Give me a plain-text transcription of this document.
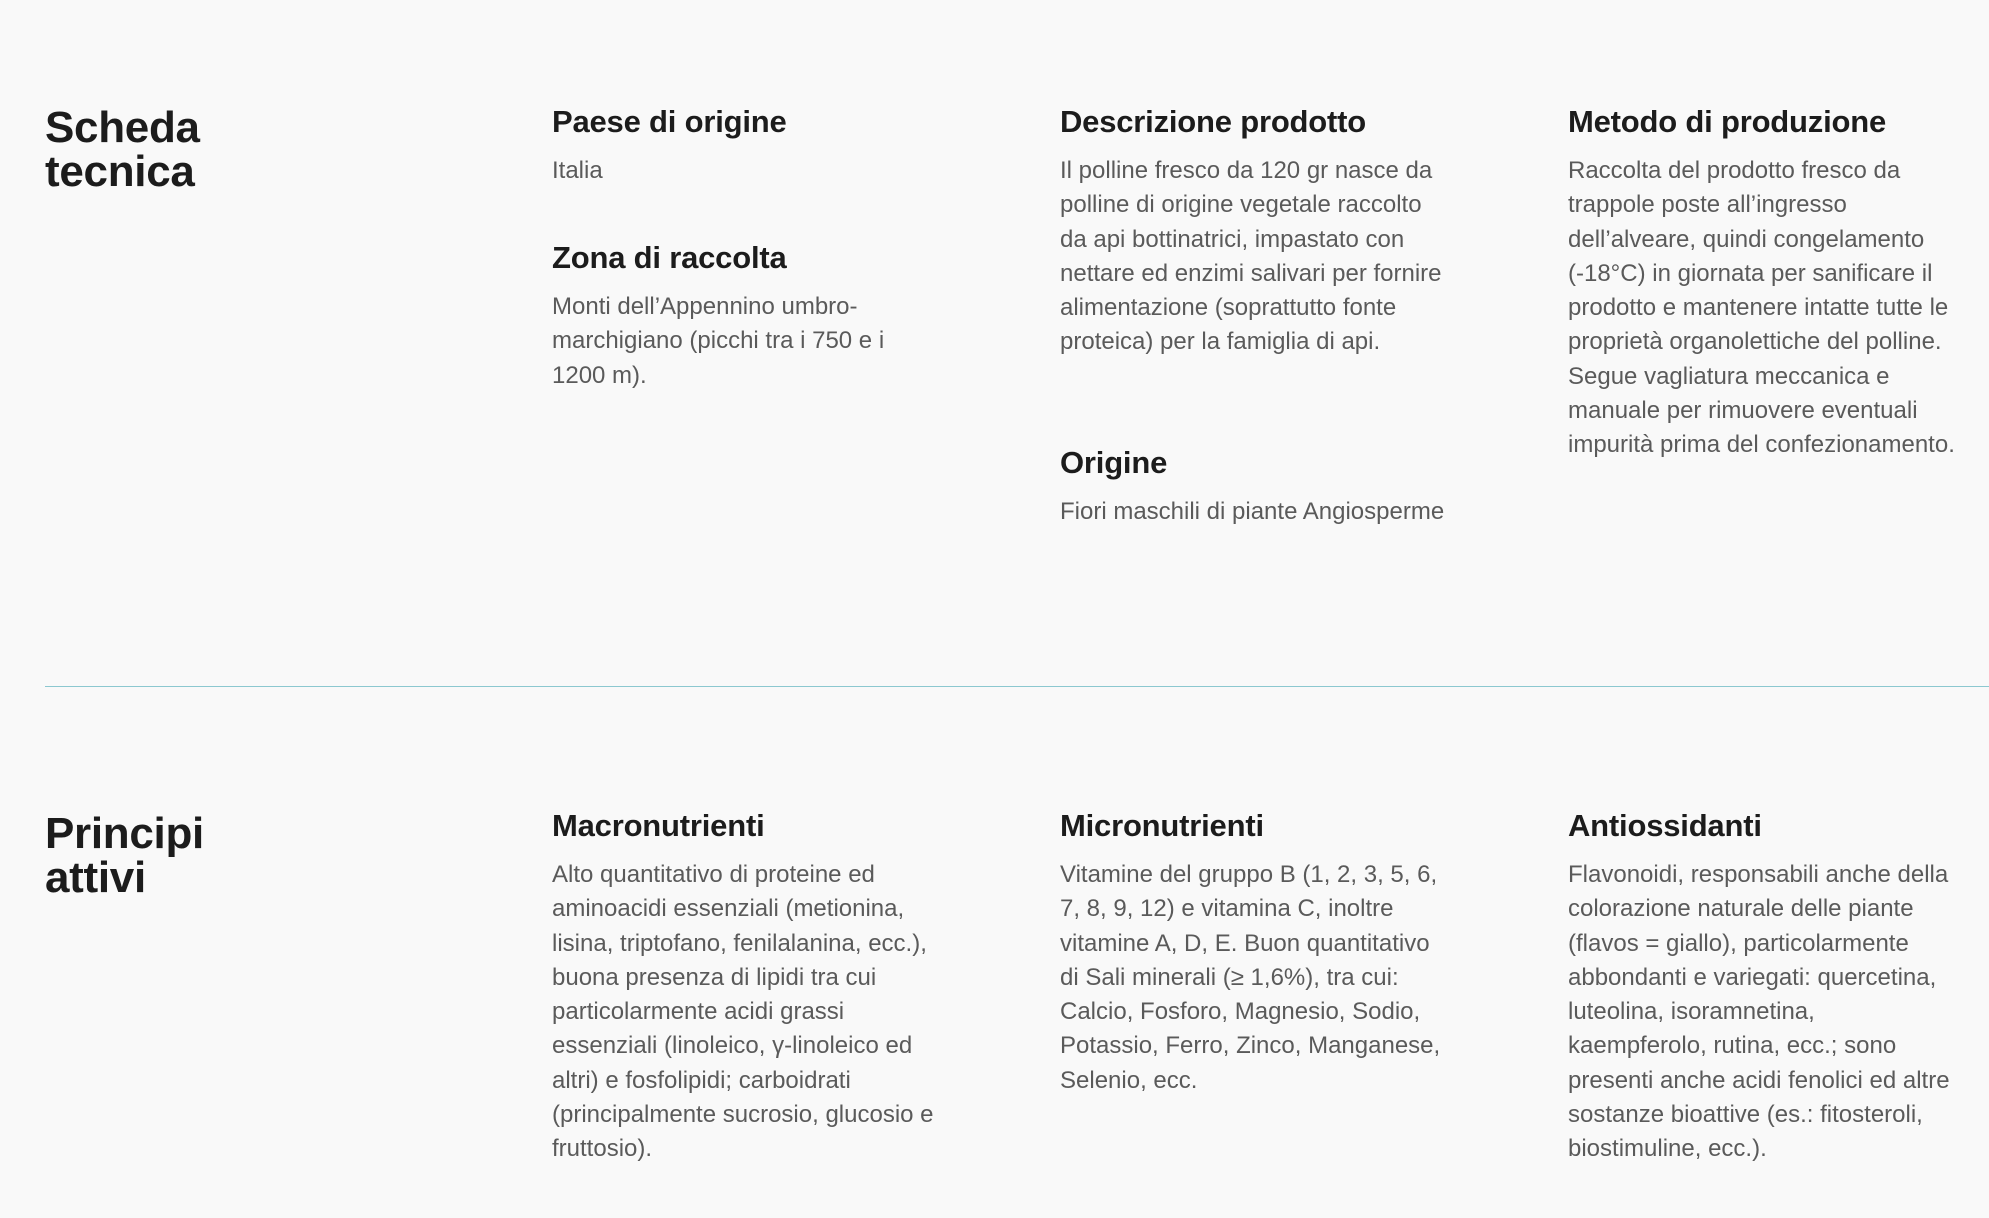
Scheda
tecnica
Paese di origine

Italia

Zona di raccolta

Monti dell’Appennino umbro-marchigiano (picchi tra i 750 e i 1200 m).

Descrizione prodotto

Il polline fresco da 120 gr nasce da polline di origine vegetale raccolto da api bottinatrici, impastato con nettare ed enzimi salivari per fornire alimentazione (soprattutto fonte proteica) per la famiglia di api.

Origine

Fiori maschili di piante Angiosperme

Metodo di produzione

Raccolta del prodotto fresco da trappole poste all’ingresso dell’alveare, quindi congelamento (-18°C) in giornata per sanificare il prodotto e mantenere intatte tutte le proprietà organolettiche del polline. Segue vagliatura meccanica e manuale per rimuovere eventuali impurità prima del confezionamento.

Principi
attivi
Macronutrienti

Alto quantitativo di proteine ed aminoacidi essenziali (metionina, lisina, triptofano, fenilalanina, ecc.), buona presenza di lipidi tra cui particolarmente acidi grassi essenziali (linoleico, γ-linoleico ed altri) e fosfolipidi; carboidrati (principalmente sucrosio, glucosio e fruttosio).

Micronutrienti

Vitamine del gruppo B (1, 2, 3, 5, 6, 7, 8, 9, 12) e vitamina C, inoltre vitamine A, D, E. Buon quantitativo di Sali minerali (≥ 1,6%), tra cui: Calcio, Fosforo, Magnesio, Sodio, Potassio, Ferro, Zinco, Manganese, Selenio, ecc.

Antiossidanti

Flavonoidi, responsabili anche della colorazione naturale delle piante (flavos = giallo), particolarmente abbondanti e variegati: quercetina, luteolina, isoramnetina, kaempferolo, rutina, ecc.; sono presenti anche acidi fenolici ed altre sostanze bioattive (es.: fitosteroli, biostimuline, ecc.).
